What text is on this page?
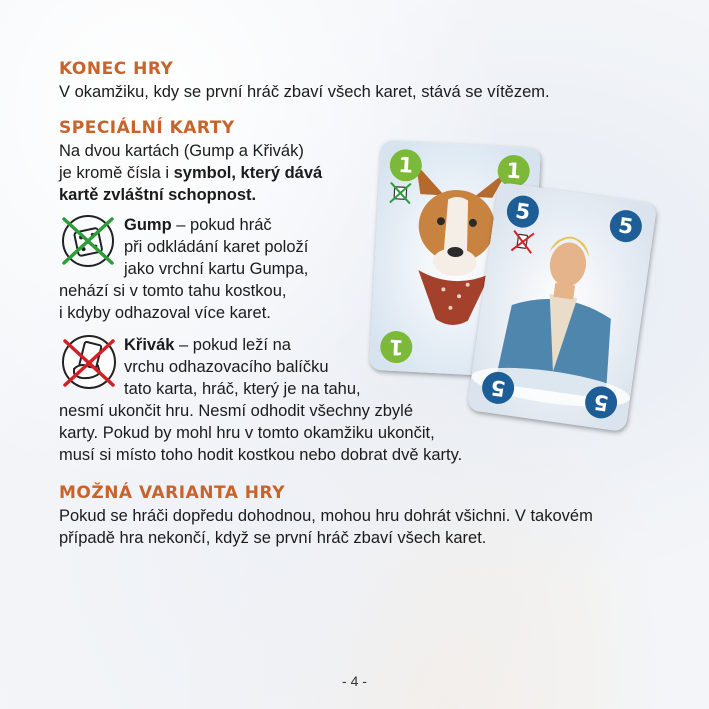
KONEC HRY

V okamžiku, kdy se první hráč zbaví všech karet, stává se vítězem.

SPECIÁLNÍ KARTY

Na dvou kartách (Gump a Křivák)

je kromě čísla i symbol, který dává

kartě zvláštní schopnost.

Gump – pokud hráč

při odkládání karet položí

jako vrchní kartu Gumpa,

nehází si v tomto tahu kostkou,

i kdyby odhazoval více karet.

Křivák – pokud leží na

vrchu odhazovacího balíčku

tato karta, hráč, který je na tahu,

nesmí ukončit hru. Nesmí odhodit všechny zbylé

karty. Pokud by mohl hru v tomto okamžiku ukončit,

musí si místo toho hodit kostkou nebo dobrat dvě karty.

1	1
1
5
5
5
5
MOŽNÁ VARIANTA HRY

Pokud se hráči dopředu dohodnou, mohou hru dohrát všichni. V takovém

případě hra nekončí, když se první hráč zbaví všech karet.

- 4 -
